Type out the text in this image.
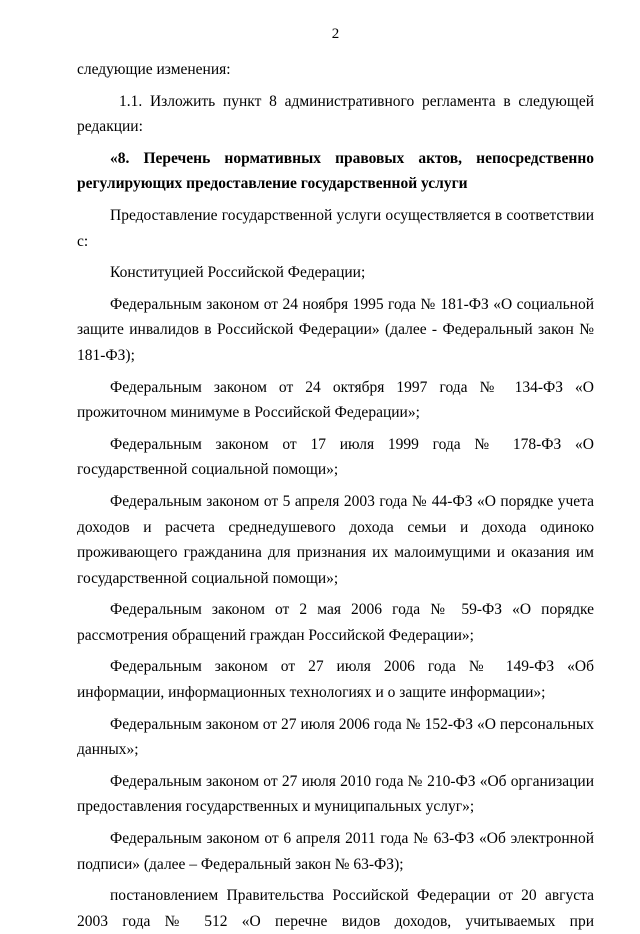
2

следующие изменения:

1.1. Изложить пункт 8 административного регламента в следующей редакции:

«8. Перечень нормативных правовых актов, непосредственно регулирующих предоставление государственной услуги

Предоставление государственной услуги осуществляется в соответствии с:

Конституцией Российской Федерации;

Федеральным законом от 24 ноября 1995 года № 181-ФЗ «О социальной защите инвалидов в Российской Федерации» (далее - Федеральный закон № 181-ФЗ);

Федеральным законом от 24 октября 1997 года № 134-ФЗ «О прожиточном минимуме в Российской Федерации»;

Федеральным законом от 17 июля 1999 года № 178-ФЗ «О государственной социальной помощи»;

Федеральным законом от 5 апреля 2003 года № 44-ФЗ «О порядке учета доходов и расчета среднедушевого дохода семьи и дохода одиноко проживающего гражданина для признания их малоимущими и оказания им государственной социальной помощи»;

Федеральным законом от 2 мая 2006 года № 59-ФЗ «О порядке рассмотрения обращений граждан Российской Федерации»;

Федеральным законом от 27 июля 2006 года № 149-ФЗ «Об информации, информационных технологиях и о защите информации»;

Федеральным законом от 27 июля 2006 года № 152-ФЗ «О персональных данных»;

Федеральным законом от 27 июля 2010 года № 210-ФЗ «Об организации предоставления государственных и муниципальных услуг»;

Федеральным законом от 6 апреля 2011 года № 63-ФЗ «Об электронной подписи» (далее – Федеральный закон № 63-ФЗ);

постановлением Правительства Российской Федерации от 20 августа 2003 года № 512 «О перечне видов доходов, учитываемых при
